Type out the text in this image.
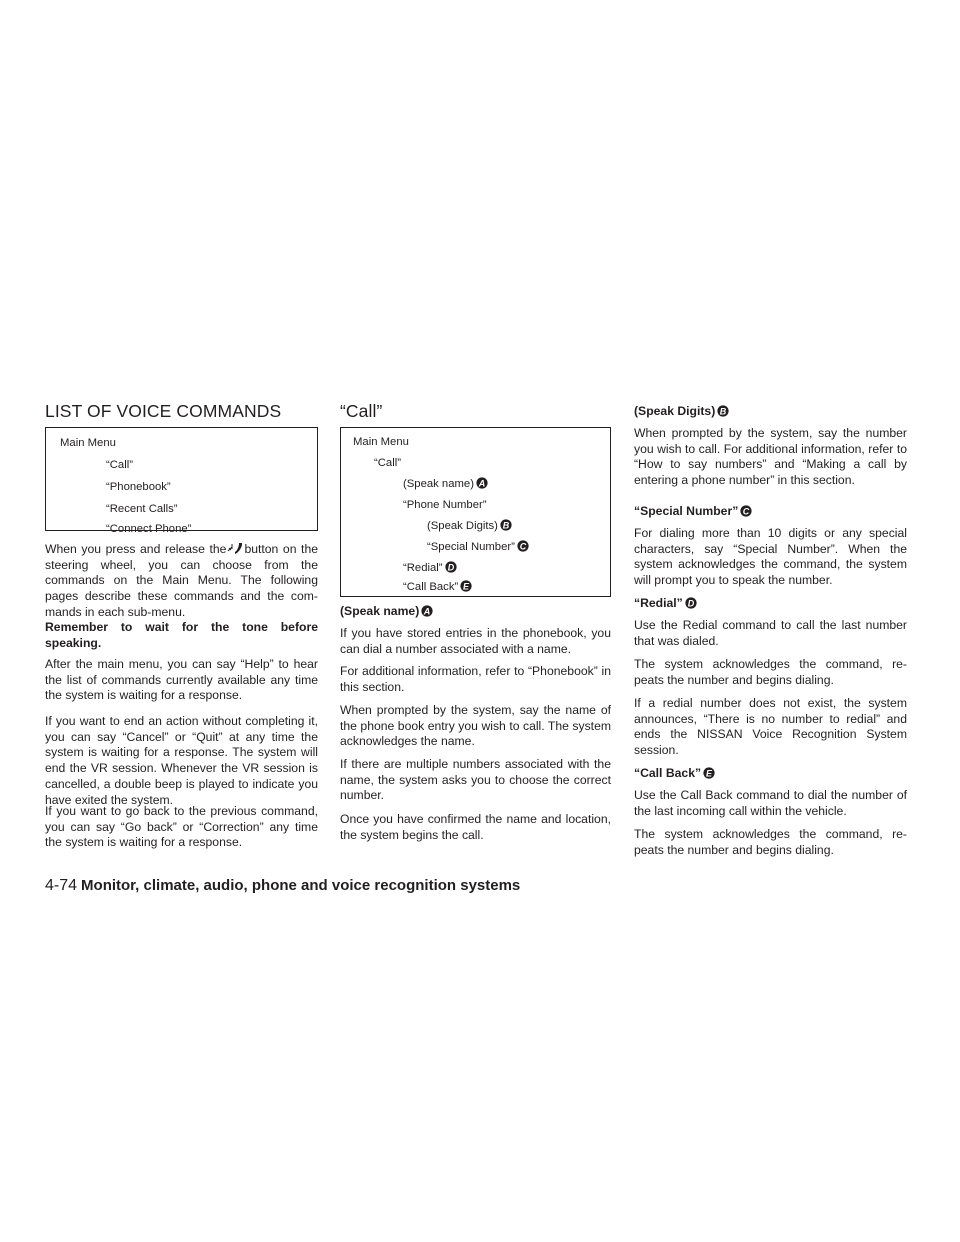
LIST OF VOICE COMMANDS	“Call”
Main Menu
“Call”
“Phonebook”
“Recent Calls”
“Connect Phone”
Main Menu
“Call”
(Speak name) A
“Phone Number”
(Speak Digits) B
“Special Number” C
“Redial” D
“Call Back” E

When you press and release the button on the steering wheel, you can choose from the commands on the Main Menu. The following pages describe these commands and the com- mands in each sub-menu.

Remember to wait for the tone before speaking.

After the main menu, you can say “Help” to hear the list of commands currently available any time the system is waiting for a response.

If you want to end an action without completing it, you can say “Cancel” or “Quit” at any time the system is waiting for a response. The system will end the VR session. Whenever the VR session is cancelled, a double beep is played to indicate you have exited the system.

If you want to go back to the previous command, you can say “Go back” or “Correction” any time the system is waiting for a response.

(Speak name) A

If you have stored entries in the phonebook, you can dial a number associated with a name.

For additional information, refer to “Phonebook” in this section.

When prompted by the system, say the name of the phone book entry you wish to call. The system acknowledges the name.

If there are multiple numbers associated with the name, the system asks you to choose the correct number.

Once you have confirmed the name and location, the system begins the call.

(Speak Digits) B

When prompted by the system, say the number you wish to call. For additional information, refer to “How to say numbers” and “Making a call by entering a phone number” in this section.

“Special Number” C

For dialing more than 10 digits or any special characters, say “Special Number”. When the system acknowledges the command, the system will prompt you to speak the number.

“Redial” D

Use the Redial command to call the last number that was dialed.

The system acknowledges the command, re- peats the number and begins dialing.

If a redial number does not exist, the system announces, “There is no number to redial” and ends the NISSAN Voice Recognition System session.

“Call Back” E

Use the Call Back command to dial the number of the last incoming call within the vehicle.

The system acknowledges the command, re- peats the number and begins dialing.

4-74 Monitor, climate, audio, phone and voice recognition systems
